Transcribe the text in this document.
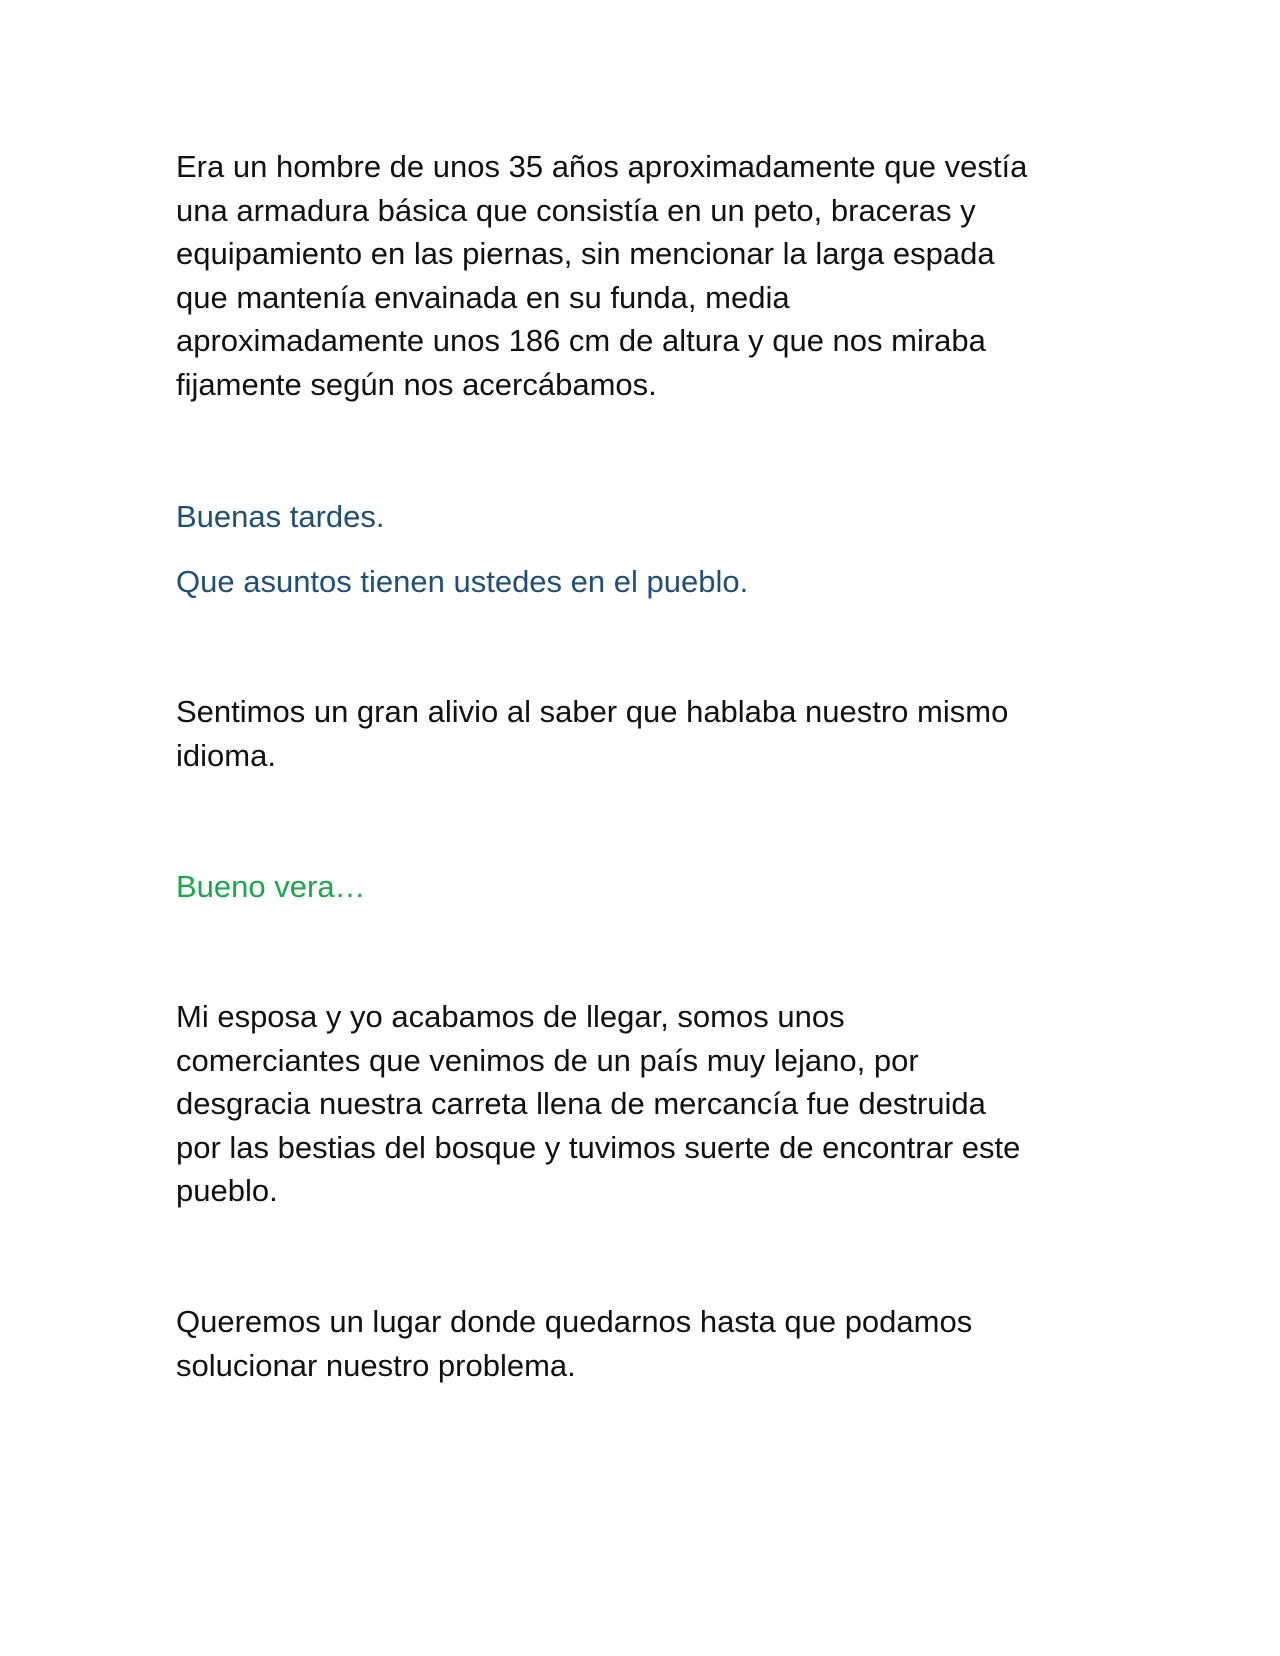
Era un hombre de unos 35 años aproximadamente que vestía
una armadura básica que consistía en un peto, braceras y
equipamiento en las piernas, sin mencionar la larga espada
que mantenía envainada en su funda, media
aproximadamente unos 186 cm de altura y que nos miraba
fijamente según nos acercábamos.

Buenas tardes.

Que asuntos tienen ustedes en el pueblo.

Sentimos un gran alivio al saber que hablaba nuestro mismo
idioma.

Bueno vera…

Mi esposa y yo acabamos de llegar, somos unos
comerciantes que venimos de un país muy lejano, por
desgracia nuestra carreta llena de mercancía fue destruida
por las bestias del bosque y tuvimos suerte de encontrar este
pueblo.

Queremos un lugar donde quedarnos hasta que podamos
solucionar nuestro problema.
